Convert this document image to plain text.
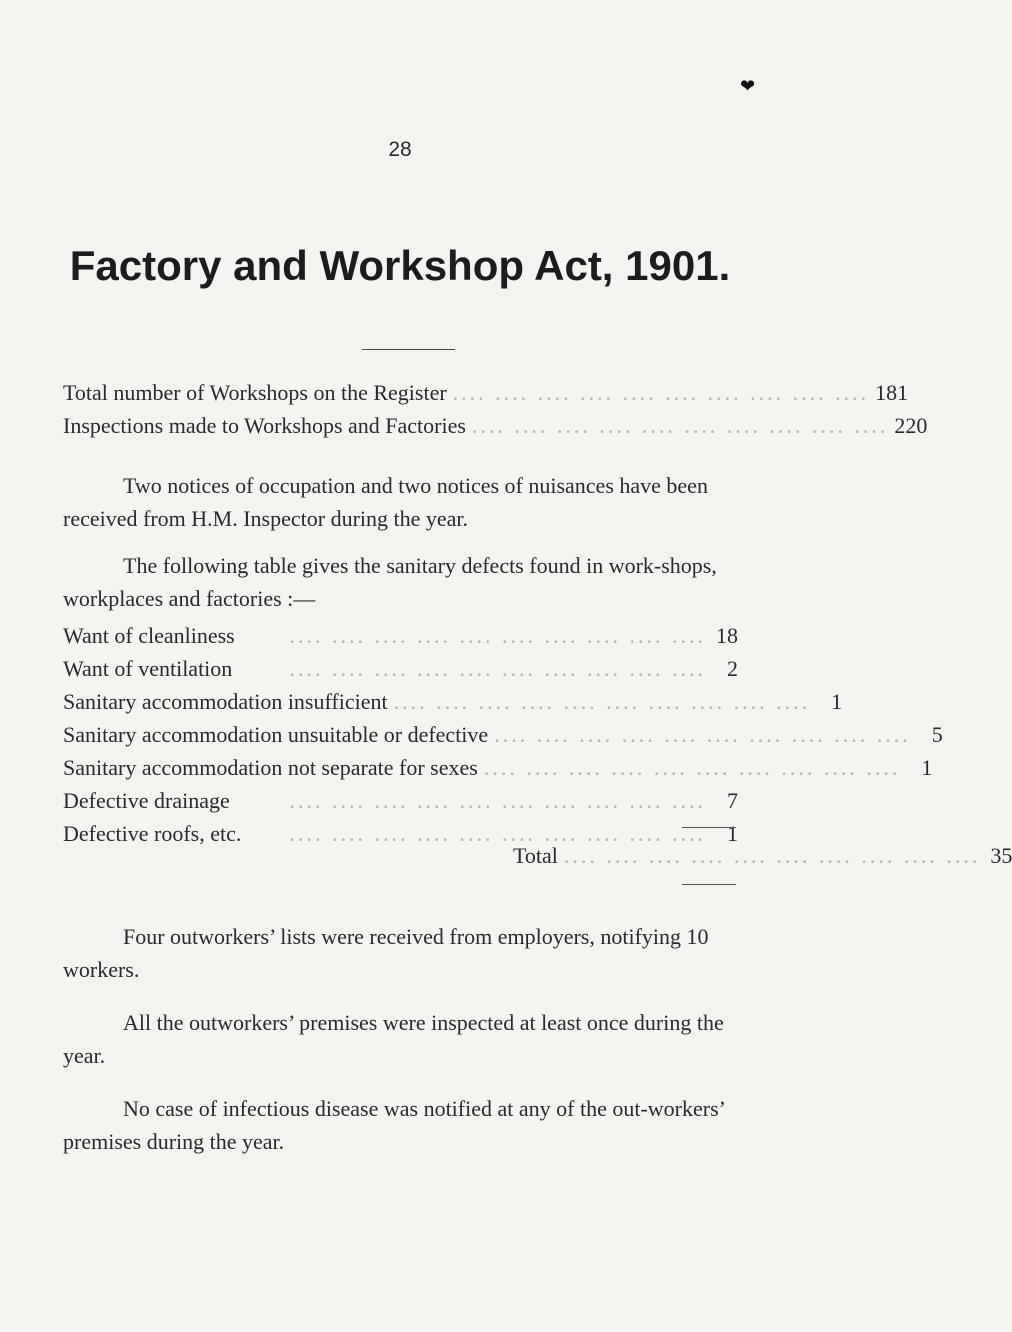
❤
28
Factory and Workshop Act, 1901.
Total number of Workshops on the Register .... .... .... .... .... .... .... .... .... .... 181
Inspections made to Workshops and Factories .... .... .... .... .... .... .... .... .... .... 220

Two notices of occupation and two notices of nuisances have been received from H.M. Inspector during the year.

The following table gives the sanitary defects found in work-shops, workplaces and factories :—

Want of cleanliness	.... .... .... .... .... .... .... .... .... .... 18
Want of ventilation	.... .... .... .... .... .... .... .... .... .... 2
Sanitary accommodation insufficient .... .... .... .... .... .... .... .... .... .... 1
Sanitary accommodation unsuitable or defective .... .... .... .... .... .... .... .... .... .... 5
Sanitary accommodation not separate for sexes .... .... .... .... .... .... .... .... .... .... 1
Defective drainage	.... .... .... .... .... .... .... .... .... .... 7
Defective roofs, etc.	.... .... .... .... .... .... .... .... .... .... 1
Total .... .... .... .... .... .... .... .... .... .... 35

Four outworkers’ lists were received from employers, notifying 10 workers.

All the outworkers’ premises were inspected at least once during the year.

No case of infectious disease was notified at any of the out-workers’ premises during the year.
